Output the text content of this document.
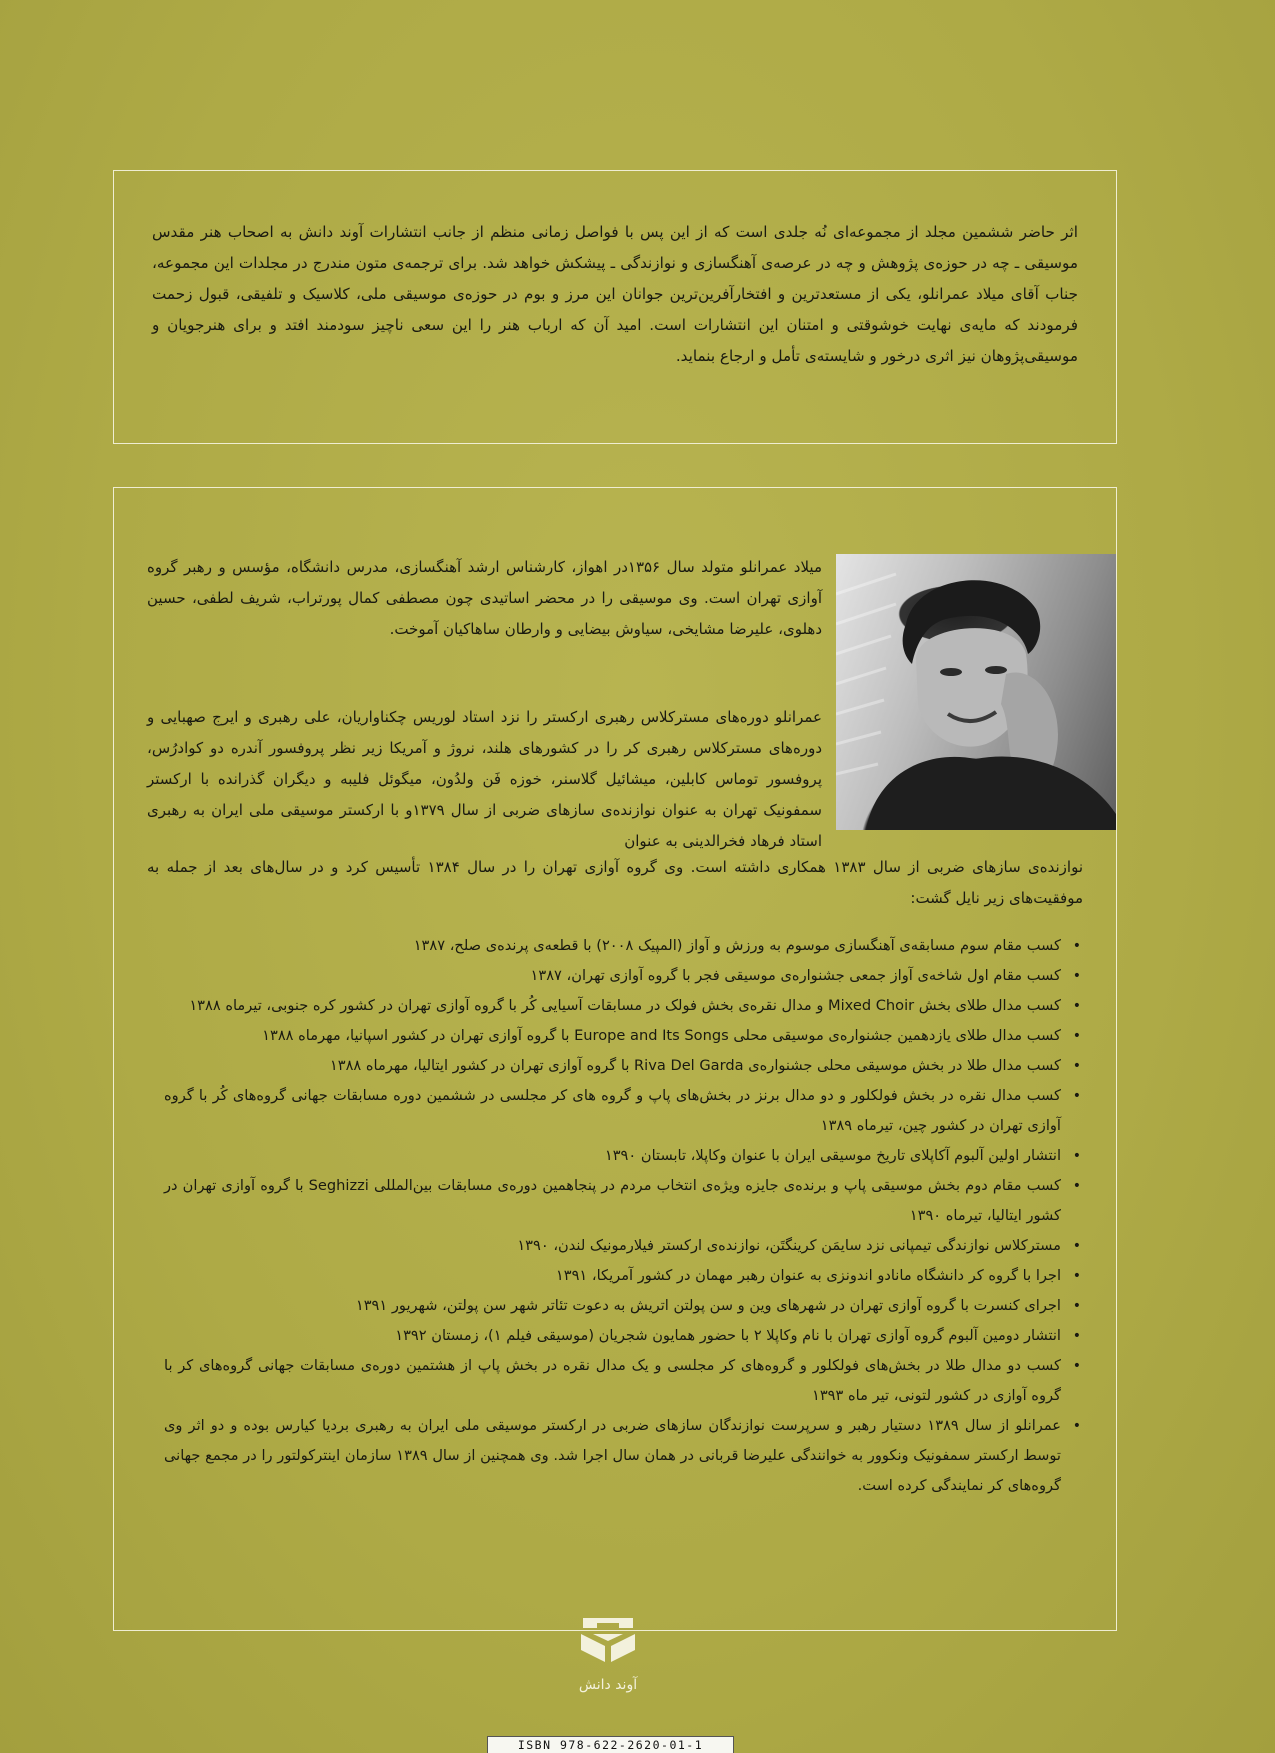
اثر حاضر ششمین مجلد از مجموعه‌ای نُه جلدی است که از این پس با فواصل زمانی منظم از جانب انتشارات آوند دانش به اصحاب هنر مقدس موسیقی ـ چه در حوزه‌ی پژوهش و چه در عرصه‌ی آهنگسازی و نوازندگی ـ پیشکش خواهد شد. برای ترجمه‌ی متون مندرج در مجلدات این مجموعه، جناب آقای میلاد عمرانلو، یکی از مستعدترین و افتخارآفرین‌ترین جوانان این مرز و بوم در حوزه‌ی موسیقی ملی، کلاسیک و تلفیقی، قبول زحمت فرمودند که مایه‌ی نهایت خوشوقتی و امتنان این انتشارات است. امید آن که ارباب هنر را این سعی ناچیز سودمند افتد و برای هنرجویان و موسیقی‌پژوهان نیز اثری درخور و شایسته‌ی تأمل و ارجاع بنماید.

میلاد عمرانلو متولد سال ۱۳۵۶در اهواز، کارشناس ارشد آهنگسازی، مدرس دانشگاه، مؤسس و رهبر گروه آوازی تهران است. وی موسیقی را در محضر اساتیدی چون مصطفی کمال پورتراب، شریف لطفی، حسین دهلوی، علیرضا مشایخی، سیاوش بیضایی و وارطان ساهاکیان آموخت.

عمرانلو دوره‌های مسترکلاس رهبری ارکستر را نزد استاد لوریس چکناواریان، علی رهبری و ایرج صهبایی و دوره‌های مسترکلاس رهبری کر را در کشورهای هلند، نروژ و آمریکا زیر نظر پروفسور آندره دو کوادرُس، پروفسور توماس کابلین، میشائیل گلاسنر، خوزه فَن ولدُون، میگوئل فلیبه و دیگران گذرانده با ارکستر سمفونیک تهران به عنوان نوازنده‌ی سازهای ضربی از سال ۱۳۷۹و با ارکستر موسیقی ملی ایران به رهبری استاد فرهاد فخرالدینی به عنوان

نوازنده‌ی سازهای ضربی از سال ۱۳۸۳ همکاری داشته است. وی گروه آوازی تهران را در سال ۱۳۸۴ تأسیس کرد و در سال‌های بعد از جمله به موفقیت‌های زیر نایل گشت:

• کسب مقام سوم مسابقه‌ی آهنگسازی موسوم به ورزش و آواز (المپیک ۲۰۰۸) با قطعه‌ی پرنده‌ی صلح، ۱۳۸۷
• کسب مقام اول شاخه‌ی آواز جمعی جشنواره‌ی موسیقی فجر با گروه آوازی تهران، ۱۳۸۷
• کسب مدال طلای بخش Mixed Choir و مدال نقره‌ی بخش فولک در مسابقات آسیایی کُر با گروه آوازی تهران در کشور کره جنوبی، تیرماه ۱۳۸۸
• کسب مدال طلای یازدهمین جشنواره‌ی موسیقی محلی Europe and Its Songs با گروه آوازی تهران در کشور اسپانیا، مهرماه ۱۳۸۸
• کسب مدال طلا در بخش موسیقی محلی جشنواره‌ی Riva Del Garda با گروه آوازی تهران در کشور ایتالیا، مهرماه ۱۳۸۸
• کسب مدال نقره در بخش فولکلور و دو مدال برنز در بخش‌های پاپ و گروه های کر مجلسی در ششمین دوره مسابقات جهانی گروه‌های کُر با گروه آوازی تهران در کشور چین، تیرماه ۱۳۸۹
• انتشار اولین آلبوم آکاپلای تاریخ موسیقی ایران با عنوان وکاپلا، تابستان ۱۳۹۰
• کسب مقام دوم بخش موسیقی پاپ و برنده‌ی جایزه ویژه‌ی انتخاب مردم در پنجاهمین دوره‌ی مسابقات بین‌المللی Seghizzi با گروه آوازی تهران در کشور ایتالیا، تیرماه ۱۳۹۰
• مسترکلاس نوازندگی تیمپانی نزد سایمَن کرینگتَن، نوازنده‌ی ارکستر فیلارمونیک لندن، ۱۳۹۰
• اجرا با گروه کر دانشگاه مانادو اندونزی به عنوان رهبر مهمان در کشور آمریکا، ۱۳۹۱
• اجرای کنسرت با گروه آوازی تهران در شهرهای وین و سن پولتن اتریش به دعوت تئاتر شهر سن پولتن، شهریور ۱۳۹۱
• انتشار دومین آلبوم گروه آوازی تهران با نام وکاپلا ۲ با حضور همایون شجریان (موسیقی فیلم ۱)، زمستان ۱۳۹۲
• کسب دو مدال طلا در بخش‌های فولکلور و گروه‌های کر مجلسی و یک مدال نقره در بخش پاپ از هشتمین دوره‌ی مسابقات جهانی گروه‌های کر با گروه آوازی در کشور لتونی، تیر ماه ۱۳۹۳
• عمرانلو از سال ۱۳۸۹ دستیار رهبر و سرپرست نوازندگان سازهای ضربی در ارکستر موسیقی ملی ایران به رهبری بردیا کیارس بوده و دو اثر وی توسط ارکستر سمفونیک ونکوور به خوانندگی علیرضا قربانی در همان سال اجرا شد. وی همچنین از سال ۱۳۸۹ سازمان اینترکولتور را در مجمع جهانی گروه‌های کر نمایندگی کرده است.
آوند دانش
ISBN 978-622-2620-01-1
